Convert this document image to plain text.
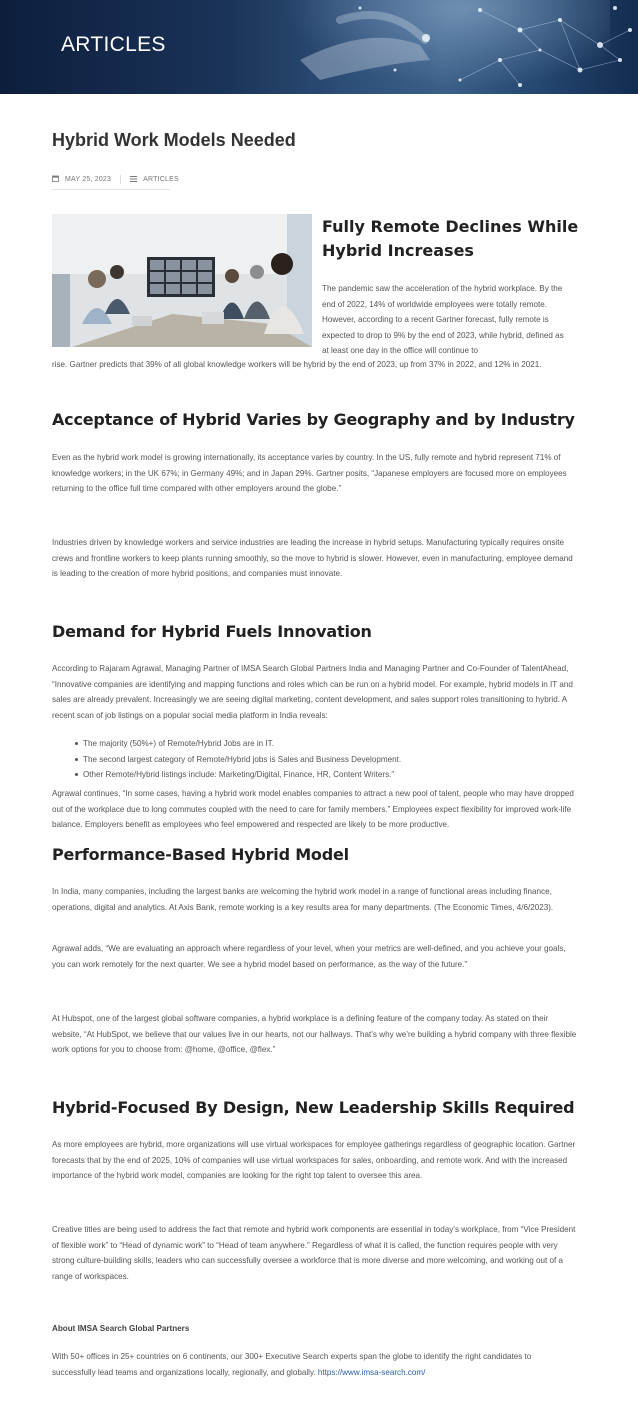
ARTICLES
Hybrid Work Models Needed
MAY 25, 2023	ARTICLES
Fully Remote Declines While Hybrid Increases

The pandemic saw the acceleration of the hybrid workplace. By the end of 2022, 14% of worldwide employees were totally remote. However, according to a recent Gartner forecast, fully remote is expected to drop to 9% by the end of 2023, while hybrid, defined as at least one day in the office will continue to

rise. Gartner predicts that 39% of all global knowledge workers will be hybrid by the end of 2023, up from 37% in 2022, and 12% in 2021.

Acceptance of Hybrid Varies by Geography and by Industry

Even as the hybrid work model is growing internationally, its acceptance varies by country. In the US, fully remote and hybrid represent 71% of knowledge workers; in the UK 67%; in Germany 49%; and in Japan 29%. Gartner posits, “Japanese employers are focused more on employees returning to the office full time compared with other employers around the globe.”

Industries driven by knowledge workers and service industries are leading the increase in hybrid setups. Manufacturing typically requires onsite crews and frontline workers to keep plants running smoothly, so the move to hybrid is slower. However, even in manufacturing, employee demand is leading to the creation of more hybrid positions, and companies must innovate.

Demand for Hybrid Fuels Innovation

According to Rajaram Agrawal, Managing Partner of IMSA Search Global Partners India and Managing Partner and Co-Founder of TalentAhead, “Innovative companies are identifying and mapping functions and roles which can be run on a hybrid model. For example, hybrid models in IT and sales are already prevalent. Increasingly we are seeing digital marketing, content development, and sales support roles transitioning to hybrid. A recent scan of job listings on a popular social media platform in India reveals:

The majority (50%+) of Remote/Hybrid Jobs are in IT.
The second largest category of Remote/Hybrid jobs is Sales and Business Development.
Other Remote/Hybrid listings include: Marketing/Digital, Finance, HR, Content Writers.”

Agrawal continues, “In some cases, having a hybrid work model enables companies to attract a new pool of talent, people who may have dropped out of the workplace due to long commutes coupled with the need to care for family members.” Employees expect flexibility for improved work-life balance. Employers benefit as employees who feel empowered and respected are likely to be more productive.

Performance-Based Hybrid Model

In India, many companies, including the largest banks are welcoming the hybrid work model in a range of functional areas including finance, operations, digital and analytics. At Axis Bank, remote working is a key results area for many departments. (The Economic Times, 4/6/2023).

Agrawal adds, “We are evaluating an approach where regardless of your level, when your metrics are well-defined, and you achieve your goals, you can work remotely for the next quarter. We see a hybrid model based on performance, as the way of the future.”

At Hubspot, one of the largest global software companies, a hybrid workplace is a defining feature of the company today. As stated on their website, “At HubSpot, we believe that our values live in our hearts, not our hallways. That’s why we’re building a hybrid company with three flexible work options for you to choose from: @home, @office, @flex.”

Hybrid-Focused By Design, New Leadership Skills Required

As more employees are hybrid, more organizations will use virtual workspaces for employee gatherings regardless of geographic location. Gartner forecasts that by the end of 2025, 10% of companies will use virtual workspaces for sales, onboarding, and remote work. And with the increased importance of the hybrid work model, companies are looking for the right top talent to oversee this area.

Creative titles are being used to address the fact that remote and hybrid work components are essential in today’s workplace, from “Vice President of flexible work” to “Head of dynamic work” to “Head of team anywhere.” Regardless of what it is called, the function requires people with very strong culture-building skills, leaders who can successfully oversee a workforce that is more diverse and more welcoming, and working out of a range of workspaces.

About IMSA Search Global Partners

With 50+ offices in 25+ countries on 6 continents, our 300+ Executive Search experts span the globe to identify the right candidates to successfully lead teams and organizations locally, regionally, and globally. https://www.imsa-search.com/
